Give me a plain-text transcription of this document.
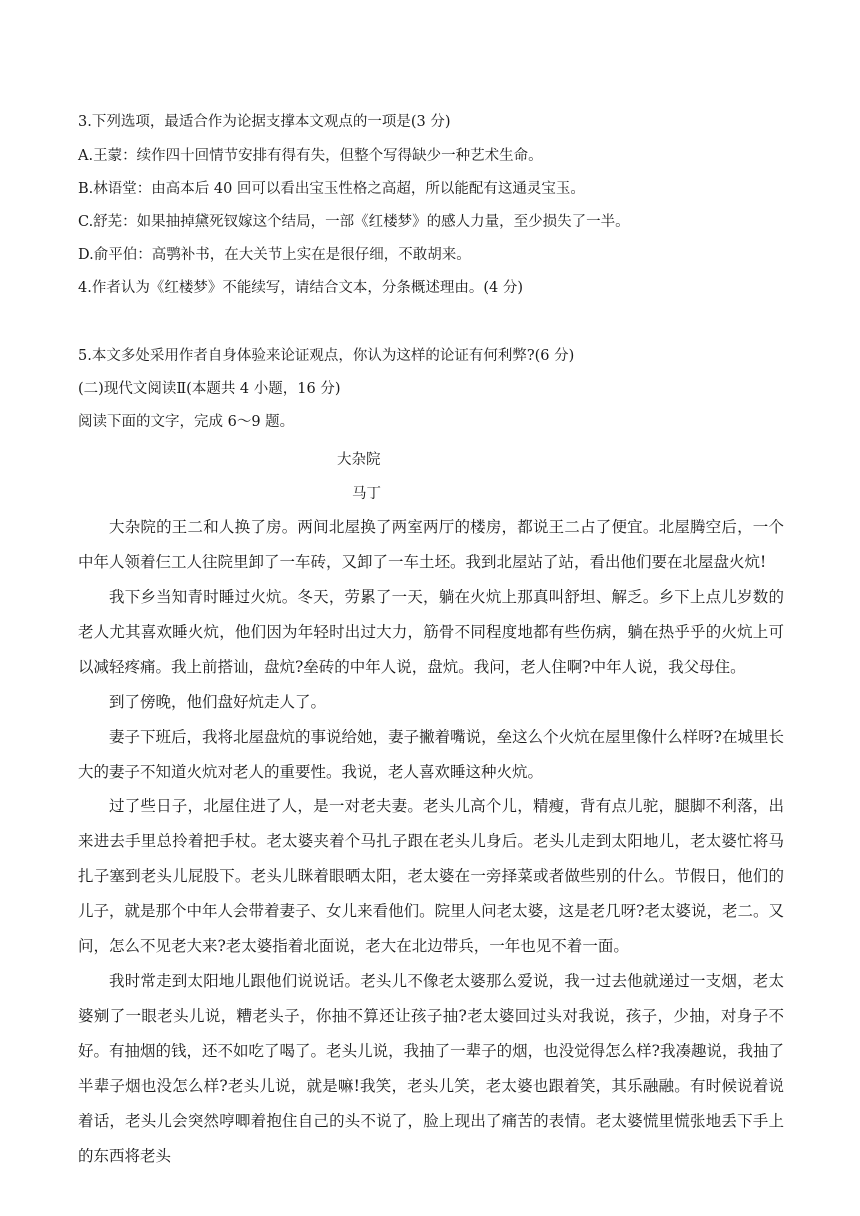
3.下列选项，最适合作为论据支撑本文观点的一项是(3 分)
A.王蒙：续作四十回情节安排有得有失，但整个写得缺少一种艺术生命。
B.林语堂：由高本后 40 回可以看出宝玉性格之高超，所以能配有这通灵宝玉。
C.舒芜：如果抽掉黛死钗嫁这个结局，一部《红楼梦》的感人力量，至少损失了一半。
D.俞平伯：高鹗补书，在大关节上实在是很仔细，不敢胡来。
4.作者认为《红楼梦》不能续写，请结合文本，分条概述理由。(4 分)
5.本文多处采用作者自身体验来论证观点，你认为这样的论证有何利弊?(6 分)
(二)现代文阅读Ⅱ(本题共 4 小题，16 分)
阅读下面的文字，完成 6～9 题。
大杂院
马丁

大杂院的王二和人换了房。两间北屋换了两室两厅的楼房，都说王二占了便宜。北屋腾空后，一个中年人领着仨工人往院里卸了一车砖，又卸了一车土坯。我到北屋站了站，看出他们要在北屋盘火炕!

我下乡当知青时睡过火炕。冬天，劳累了一天，躺在火炕上那真叫舒坦、解乏。乡下上点儿岁数的老人尤其喜欢睡火炕，他们因为年轻时出过大力，筋骨不同程度地都有些伤病，躺在热乎乎的火炕上可以减轻疼痛。我上前搭讪，盘炕?垒砖的中年人说，盘炕。我问，老人住啊?中年人说，我父母住。

到了傍晚，他们盘好炕走人了。

妻子下班后，我将北屋盘炕的事说给她，妻子撇着嘴说，垒这么个火炕在屋里像什么样呀?在城里长大的妻子不知道火炕对老人的重要性。我说，老人喜欢睡这种火炕。

过了些日子，北屋住进了人，是一对老夫妻。老头儿高个儿，精瘦，背有点儿驼，腿脚不利落，出来进去手里总拎着把手杖。老太婆夹着个马扎子跟在老头儿身后。老头儿走到太阳地儿，老太婆忙将马扎子塞到老头儿屁股下。老头儿眯着眼晒太阳，老太婆在一旁择菜或者做些别的什么。节假日，他们的儿子，就是那个中年人会带着妻子、女儿来看他们。院里人问老太婆，这是老几呀?老太婆说，老二。又问，怎么不见老大来?老太婆指着北面说，老大在北边带兵，一年也见不着一面。

我时常走到太阳地儿跟他们说说话。老头儿不像老太婆那么爱说，我一过去他就递过一支烟，老太婆剜了一眼老头儿说，糟老头子，你抽不算还让孩子抽?老太婆回过头对我说，孩子，少抽，对身子不好。有抽烟的钱，还不如吃了喝了。老头儿说，我抽了一辈子的烟，也没觉得怎么样?我凑趣说，我抽了半辈子烟也没怎么样?老头儿说，就是嘛!我笑，老头儿笑，老太婆也跟着笑，其乐融融。有时候说着说着话，老头儿会突然哼唧着抱住自己的头不说了，脸上现出了痛苦的表情。老太婆慌里慌张地丢下手上的东西将老头
